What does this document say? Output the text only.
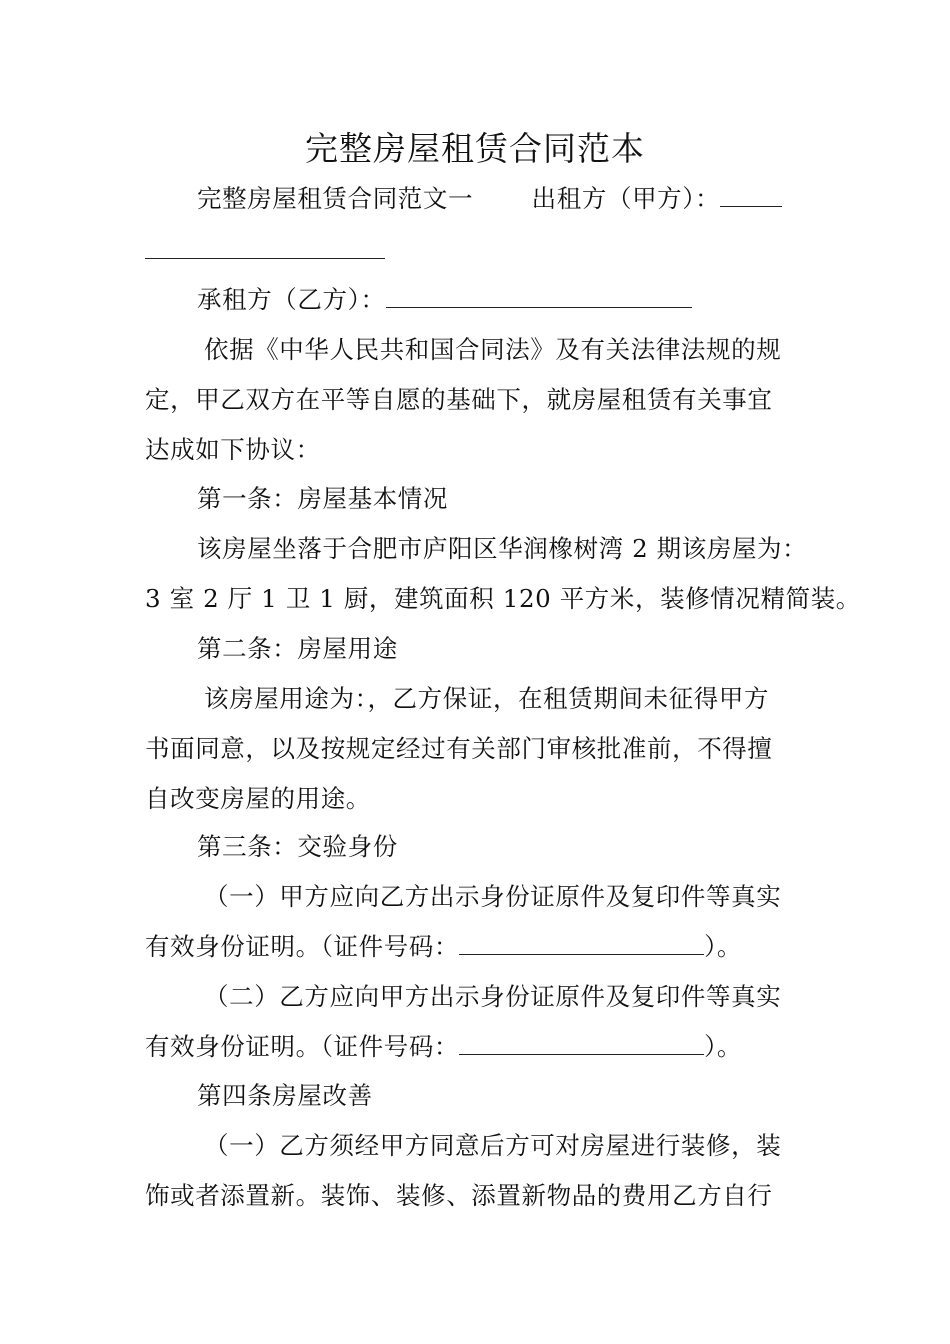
完整房屋租赁合同范本
完整房屋租赁合同范文一　　 出租方（甲方）：
承租方（乙方）：
依据《中华人民共和国合同法》及有关法律法规的规
定，甲乙双方在平等自愿的基础下，就房屋租赁有关事宜
达成如下协议：
第一条：房屋基本情况
该房屋坐落于合肥市庐阳区华润橡树湾 2 期该房屋为：
3 室 2 厅 1 卫 1 厨，建筑面积 120 平方米，装修情况精简装。
第二条：房屋用途
该房屋用途为：，乙方保证，在租赁期间未征得甲方
书面同意，以及按规定经过有关部门审核批准前，不得擅
自改变房屋的用途。
第三条：交验身份
（一）甲方应向乙方出示身份证原件及复印件等真实
有效身份证明。（证件号码：	）。
（二）乙方应向甲方出示身份证原件及复印件等真实
有效身份证明。（证件号码：	）。
第四条房屋改善
（一）乙方须经甲方同意后方可对房屋进行装修，装
饰或者添置新。装饰、装修、添置新物品的费用乙方自行
